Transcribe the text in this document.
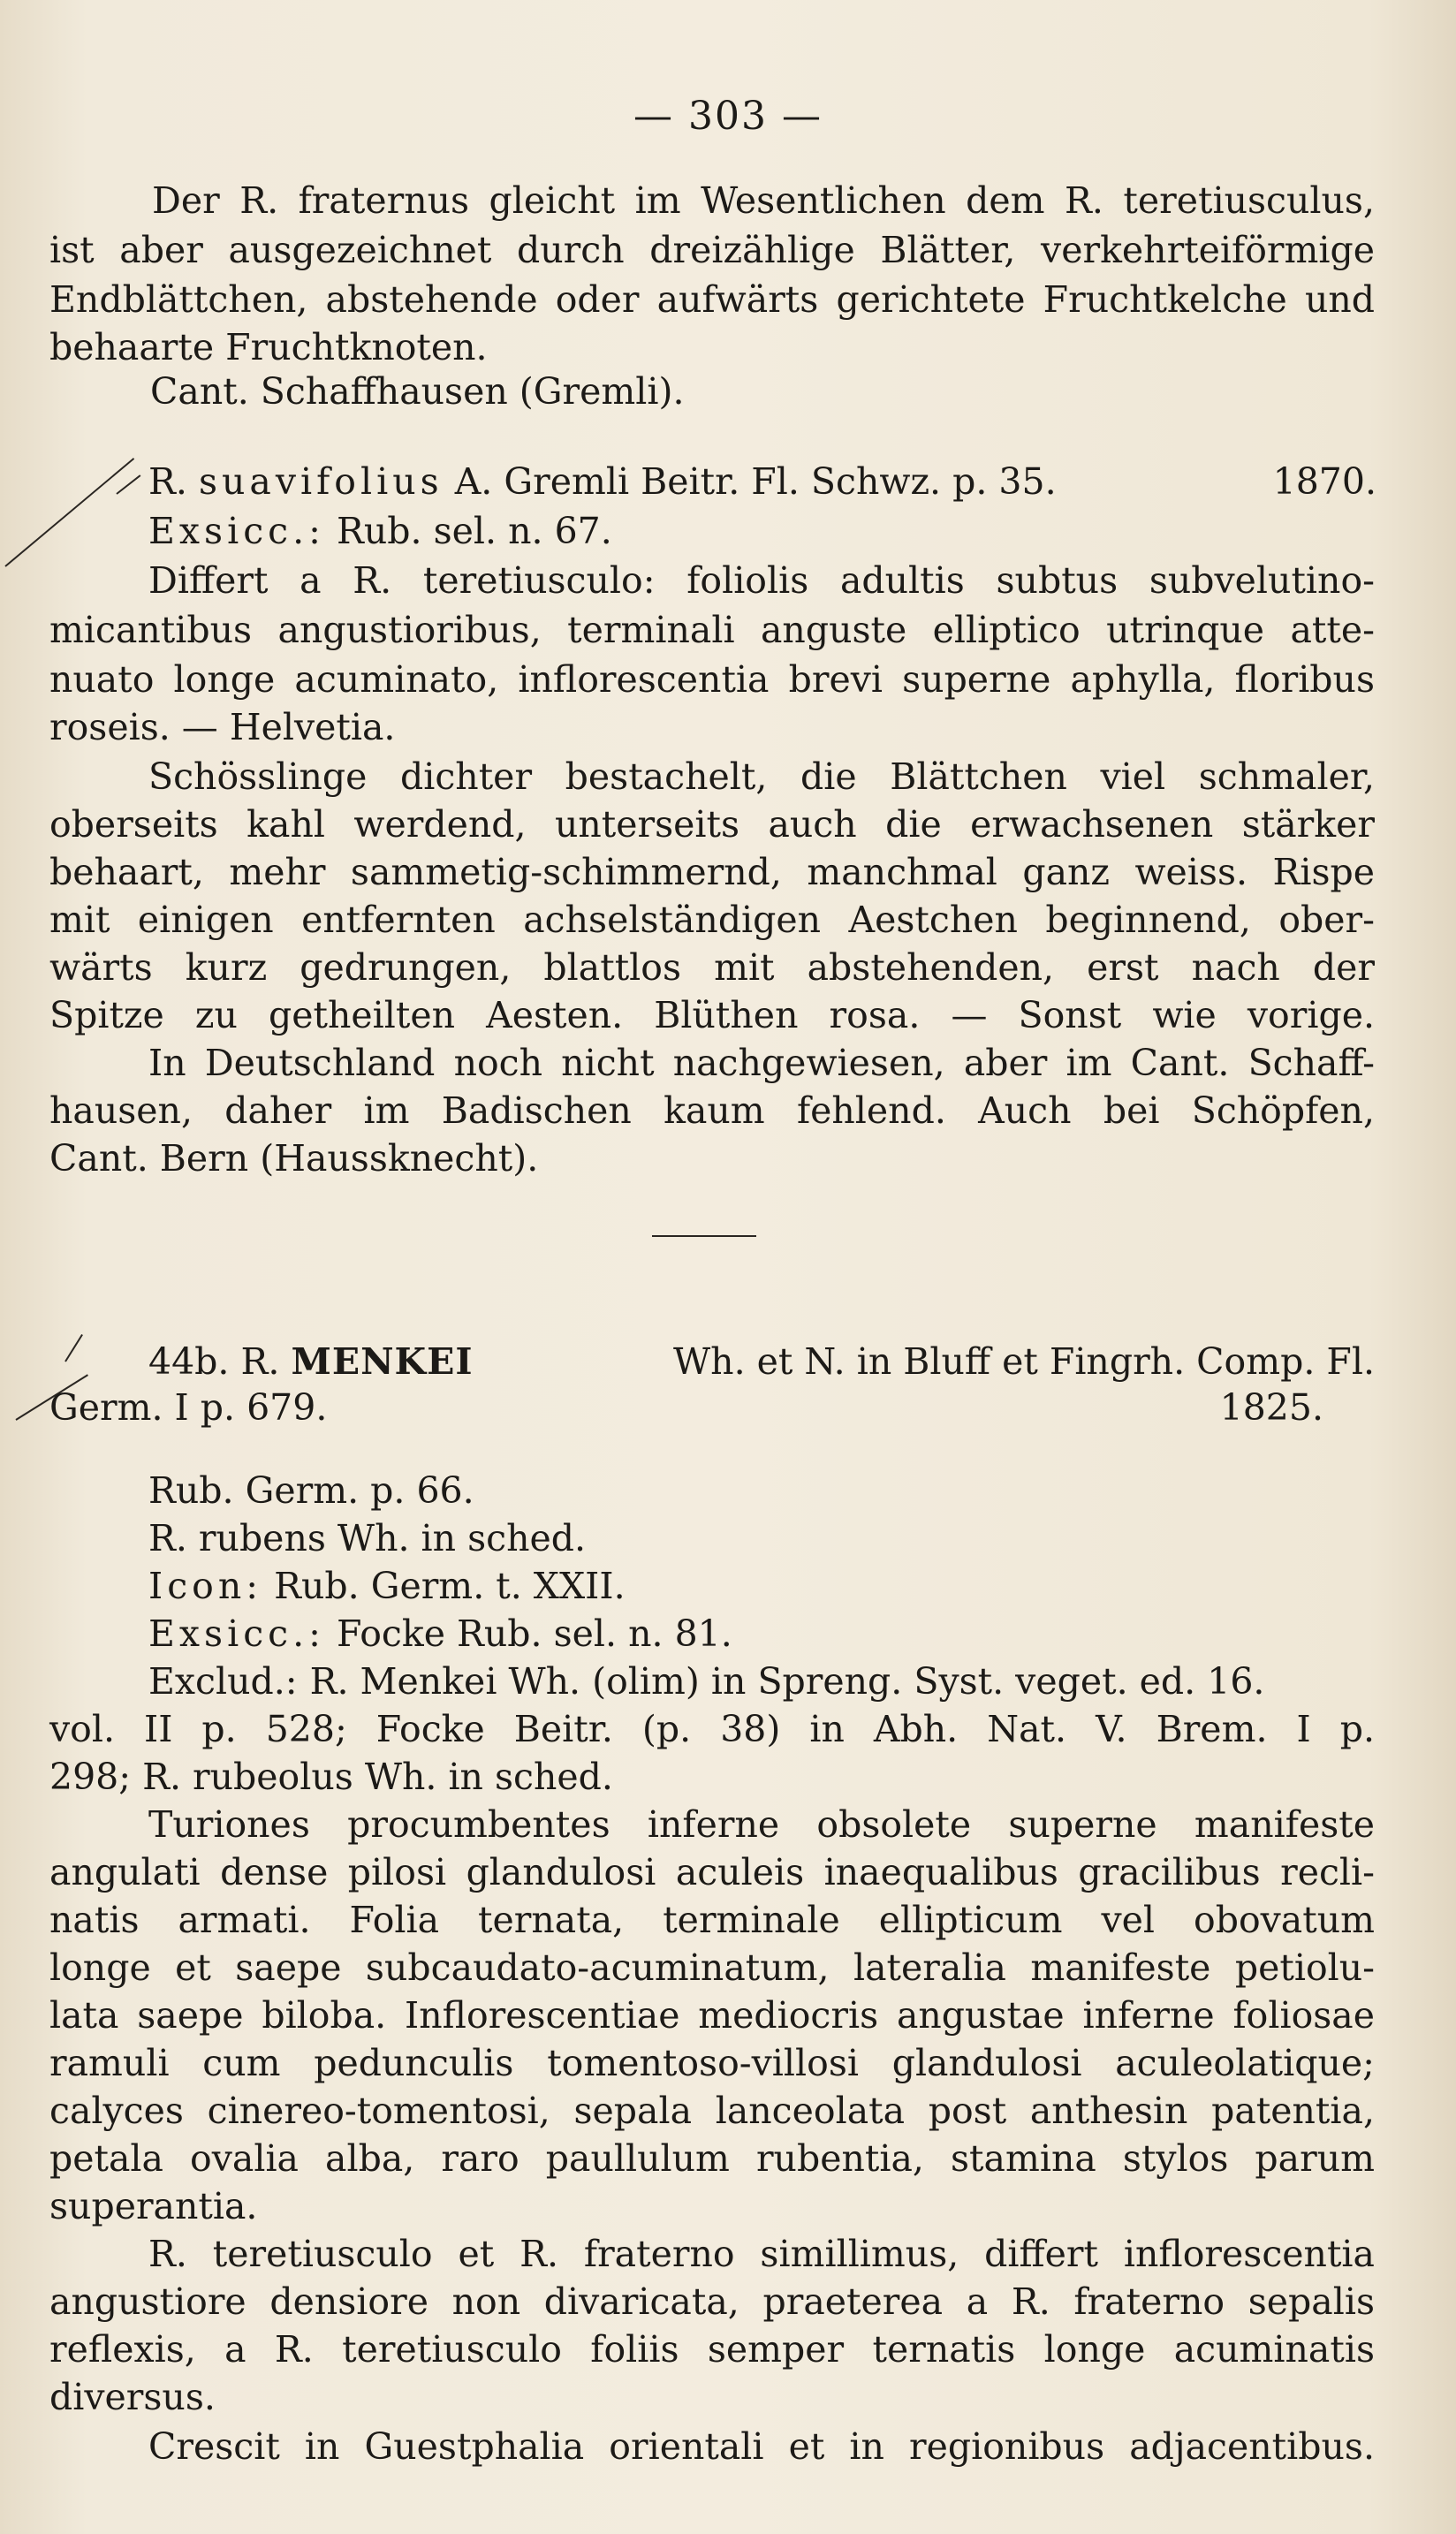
— 303 —
Der R. fraternus gleicht im Wesentlichen dem R. teretiusculus,
ist aber ausgezeichnet durch dreizählige Blätter, verkehrteiförmige
Endblättchen, abstehende oder aufwärts gerichtete Fruchtkelche und
behaarte Fruchtknoten.
Cant. Schaffhausen (Gremli).
R. suavifolius A. Gremli Beitr. Fl. Schwz. p. 35.	1870.
Exsicc.: Rub. sel. n. 67.
Differt a R. teretiusculo: foliolis adultis subtus subvelutino-
micantibus angustioribus, terminali anguste elliptico utrinque atte-
nuato longe acuminato, inflorescentia brevi superne aphylla, floribus
roseis. — Helvetia.
Schösslinge dichter bestachelt, die Blättchen viel schmaler,
oberseits kahl werdend, unterseits auch die erwachsenen stärker
behaart, mehr sammetig-schimmernd, manchmal ganz weiss. Rispe
mit einigen entfernten achselständigen Aestchen beginnend, ober-
wärts kurz gedrungen, blattlos mit abstehenden, erst nach der
Spitze zu getheilten Aesten. Blüthen rosa. — Sonst wie vorige.
In Deutschland noch nicht nachgewiesen, aber im Cant. Schaff-
hausen, daher im Badischen kaum fehlend. Auch bei Schöpfen,
Cant. Bern (Haussknecht).
44b. R. MENKEI	Wh. et N. in Bluff et Fingrh. Comp. Fl.
Germ. I p. 679.	1825.
Rub. Germ. p. 66.
R. rubens Wh. in sched.
Icon: Rub. Germ. t. XXII.
Exsicc.: Focke Rub. sel. n. 81.
Exclud.: R. Menkei Wh. (olim) in Spreng. Syst. veget. ed. 16.
vol. II p. 528; Focke Beitr. (p. 38) in Abh. Nat. V. Brem. I p.
298; R. rubeolus Wh. in sched.
Turiones procumbentes inferne obsolete superne manifeste
angulati dense pilosi glandulosi aculeis inaequalibus gracilibus recli-
natis armati. Folia ternata, terminale ellipticum vel obovatum
longe et saepe subcaudato-acuminatum, lateralia manifeste petiolu-
lata saepe biloba. Inflorescentiae mediocris angustae inferne foliosae
ramuli cum pedunculis tomentoso-villosi glandulosi aculeolatique;
calyces cinereo-tomentosi, sepala lanceolata post anthesin patentia,
petala ovalia alba, raro paullulum rubentia, stamina stylos parum
superantia.
R. teretiusculo et R. fraterno simillimus, differt inflorescentia
angustiore densiore non divaricata, praeterea a R. fraterno sepalis
reflexis, a R. teretiusculo foliis semper ternatis longe acuminatis
diversus.
Crescit in Guestphalia orientali et in regionibus adjacentibus.
